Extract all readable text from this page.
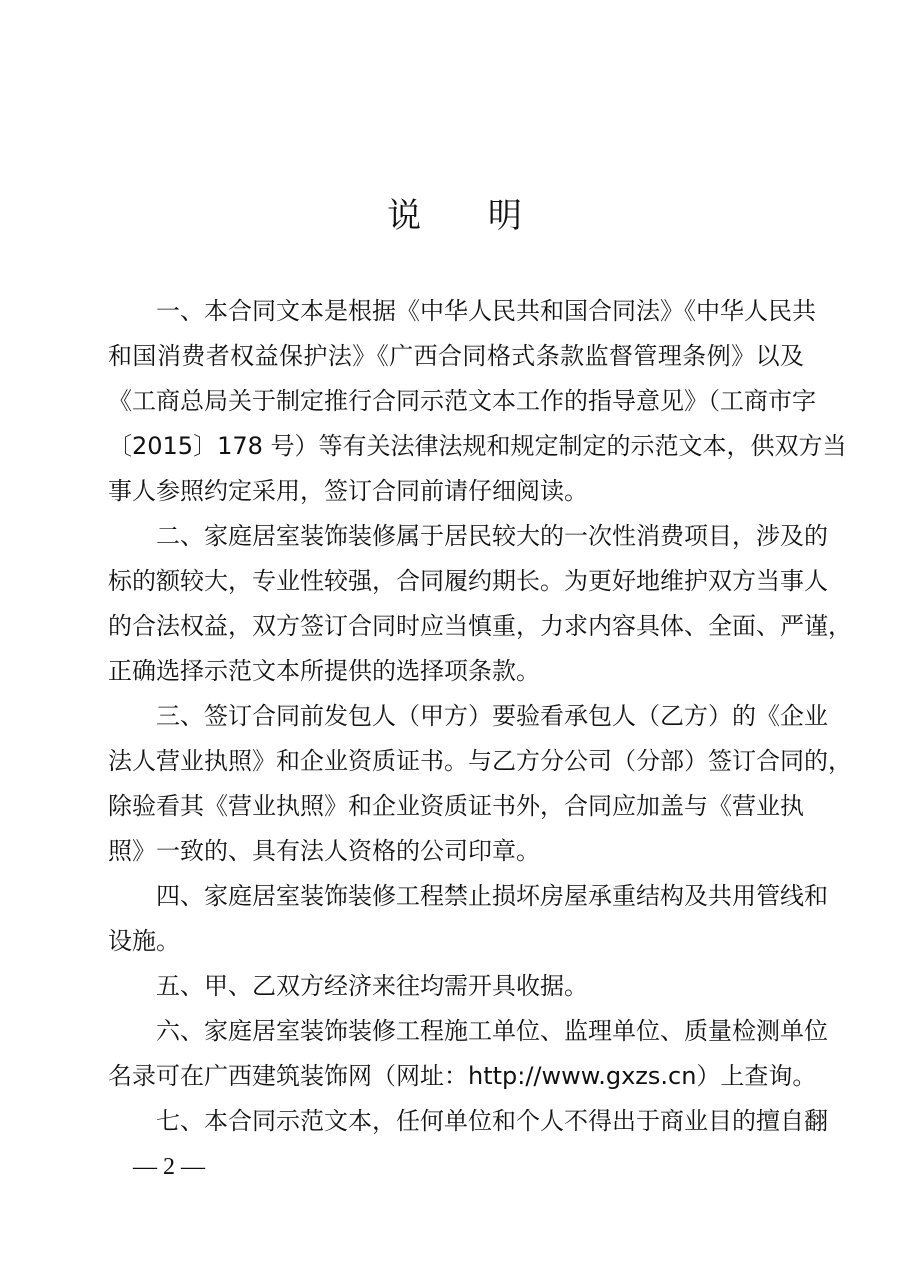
说 明
一、本合同文本是根据《中华人民共和国合同法》《中华人民共
和国消费者权益保护法》《广西合同格式条款监督管理条例》以及
《工商总局关于制定推行合同示范文本工作的指导意见》（工商市字
〔2015〕178 号）等有关法律法规和规定制定的示范文本，供双方当
事人参照约定采用，签订合同前请仔细阅读。
二、家庭居室装饰装修属于居民较大的一次性消费项目，涉及的
标的额较大，专业性较强，合同履约期长。为更好地维护双方当事人
的合法权益，双方签订合同时应当慎重，力求内容具体、全面、严谨，
正确选择示范文本所提供的选择项条款。
三、签订合同前发包人（甲方）要验看承包人（乙方）的《企业
法人营业执照》和企业资质证书。与乙方分公司（分部）签订合同的，
除验看其《营业执照》和企业资质证书外，合同应加盖与《营业执
照》一致的、具有法人资格的公司印章。
四、家庭居室装饰装修工程禁止损坏房屋承重结构及共用管线和
设施。
五、甲、乙双方经济来往均需开具收据。
六、家庭居室装饰装修工程施工单位、监理单位、质量检测单位
名录可在广西建筑装饰网（网址：http://www.gxzs.cn）上查询。
七、本合同示范文本，任何单位和个人不得出于商业目的擅自翻
— 2 —
